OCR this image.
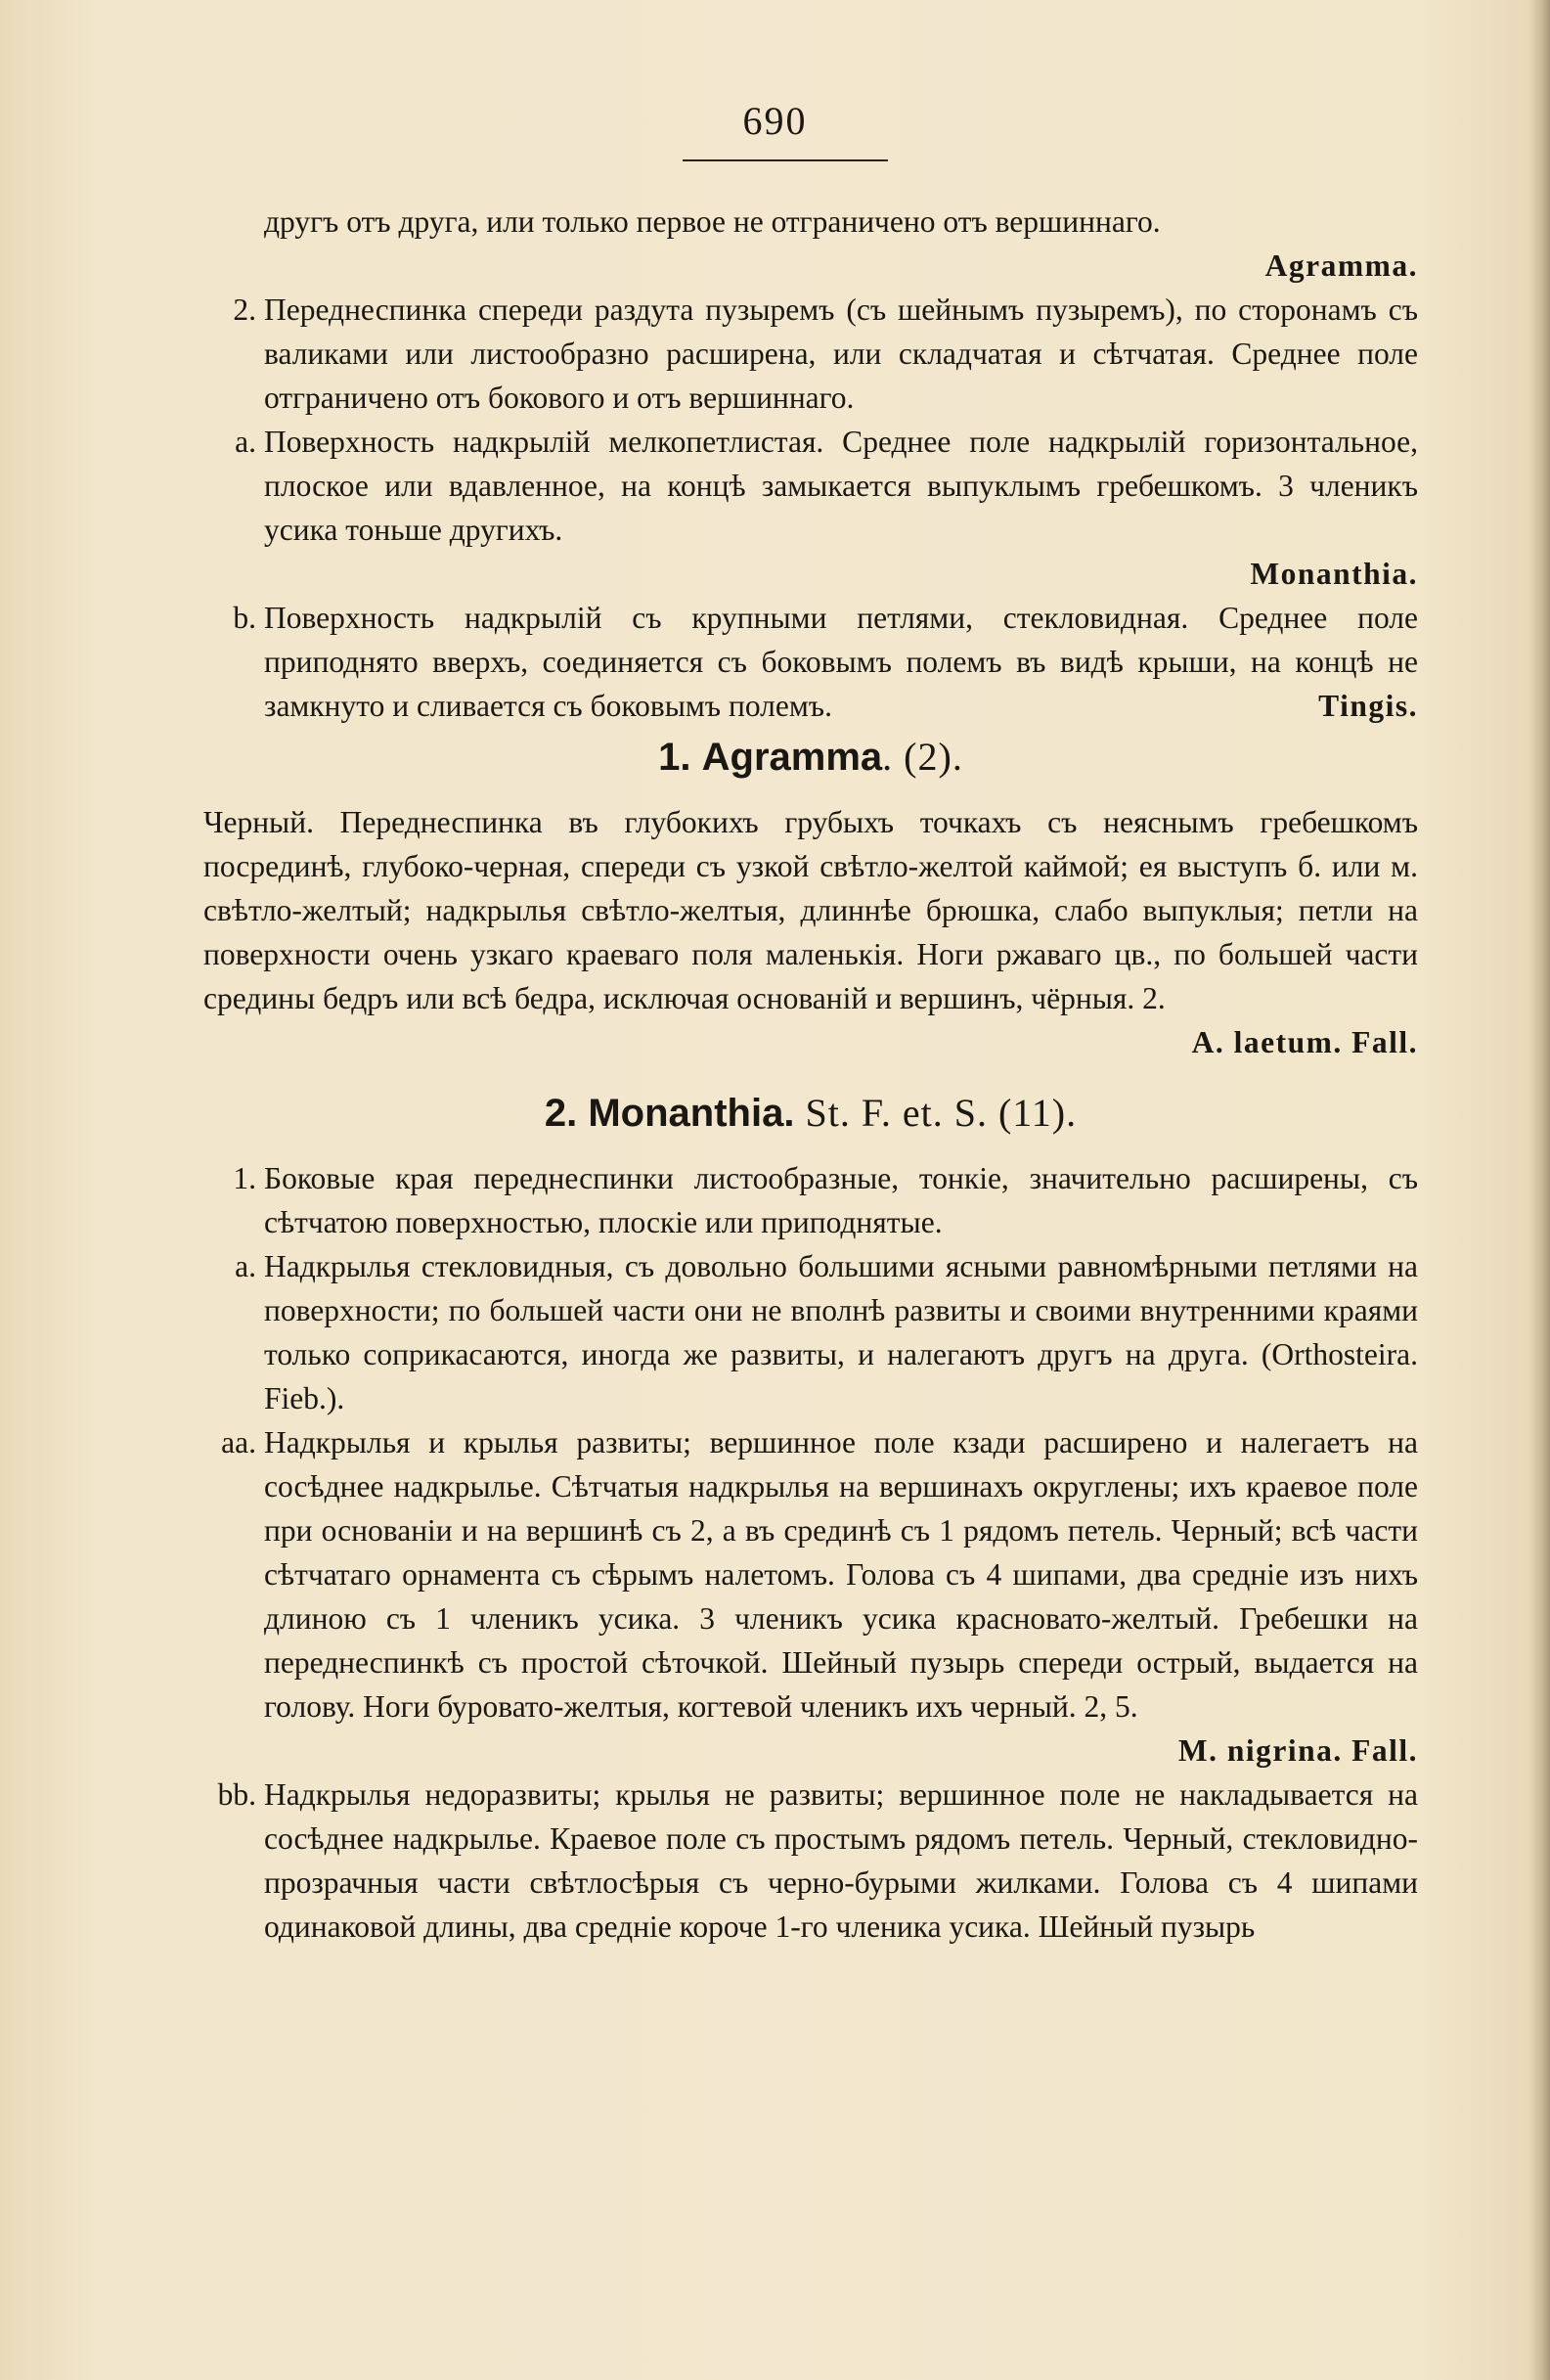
690
другъ отъ друга, или только первое не отграничено отъ вершиннаго.
Agramma.
2. Переднеспинка спереди раздута пузыремъ (съ шейнымъ пузыремъ), по сторонамъ съ валиками или листообразно расширена, или складчатая и сѣтчатая. Среднее поле отграничено отъ бокового и отъ вершиннаго.
a. Поверхность надкрылій мелкопетлистая. Среднее поле надкрылій горизонтальное, плоское или вдавленное, на концѣ замыкается выпуклымъ гребешкомъ. 3 членикъ усика тоньше другихъ.
Monanthia.
b. Поверхность надкрылій съ крупными петлями, стекловидная. Среднее поле приподнято вверхъ, соединяется съ боковымъ полемъ въ видѣ крыши, на концѣ не замкнуто и сливается съ боковымъ полемъ.	Tingis.
1. Agramma. (2).
Черный. Переднеспинка въ глубокихъ грубыхъ точкахъ съ неяснымъ гребешкомъ посрединѣ, глубоко-черная, спереди съ узкой свѣтло-желтой каймой; ея выступъ б. или м. свѣтло-желтый; надкрылья свѣтло-желтыя, длиннѣе брюшка, слабо выпуклыя; петли на поверхности очень узкаго краеваго поля маленькія. Ноги ржаваго цв., по большей части средины бедръ или всѣ бедра, исключая основаній и вершинъ, чёрныя. 2.
A. laetum. Fall.
2. Monanthia. St. F. et. S. (11).
1. Боковые края переднеспинки листообразные, тонкіе, значительно расширены, съ сѣтчатою поверхностью, плоскіе или приподнятые.
a. Надкрылья стекловидныя, съ довольно большими ясными равномѣрными петлями на поверхности; по большей части они не вполнѣ развиты и своими внутренними краями только соприкасаются, иногда же развиты, и налегаютъ другъ на друга. (Orthosteira. Fieb.).
aa. Надкрылья и крылья развиты; вершинное поле кзади расширено и налегаетъ на сосѣднее надкрылье. Сѣтчатыя надкрылья на вершинахъ округлены; ихъ краевое поле при основаніи и на вершинѣ съ 2, а въ срединѣ съ 1 рядомъ петель. Черный; всѣ части сѣтчатаго орнамента съ сѣрымъ налетомъ. Голова съ 4 шипами, два средніе изъ нихъ длиною съ 1 членикъ усика. 3 членикъ усика красновато-желтый. Гребешки на переднеспинкѣ съ простой сѣточкой. Шейный пузырь спереди острый, выдается на голову. Ноги буровато-желтыя, когтевой членикъ ихъ черный. 2, 5.
M. nigrina. Fall.
bb. Надкрылья недоразвиты; крылья не развиты; вершинное поле не накладывается на сосѣднее надкрылье. Краевое поле съ простымъ рядомъ петель. Черный, стекловидно-прозрачныя части свѣтлосѣрыя съ черно-бурыми жилками. Голова съ 4 шипами одинаковой длины, два средніе короче 1-го членика усика. Шейный пузырь
